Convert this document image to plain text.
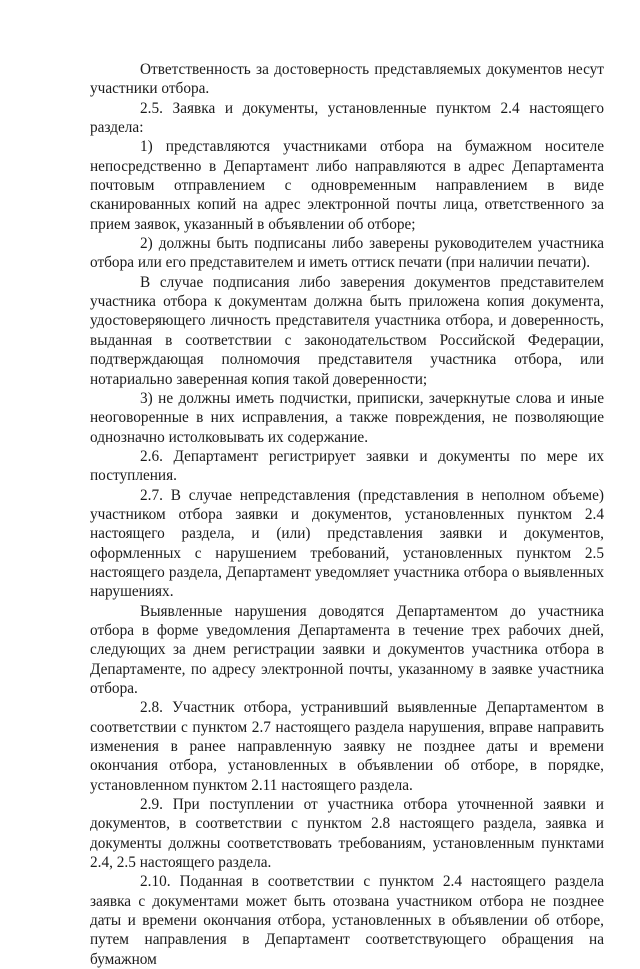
Ответственность за достоверность представляемых документов несут участники отбора.

2.5. Заявка и документы, установленные пунктом 2.4 настоящего раздела:

1) представляются участниками отбора на бумажном носителе непосредственно в Департамент либо направляются в адрес Департамента почтовым отправлением с одновременным направлением в виде сканированных копий на адрес электронной почты лица, ответственного за прием заявок, указанный в объявлении об отборе;

2) должны быть подписаны либо заверены руководителем участника отбора или его представителем и иметь оттиск печати (при наличии печати).

В случае подписания либо заверения документов представителем участника отбора к документам должна быть приложена копия документа, удостоверяющего личность представителя участника отбора, и доверенность, выданная в соответствии с законодательством Российской Федерации, подтверждающая полномочия представителя участника отбора, или нотариально заверенная копия такой доверенности;

3) не должны иметь подчистки, приписки, зачеркнутые слова и иные неоговоренные в них исправления, а также повреждения, не позволяющие однозначно истолковывать их содержание.

2.6. Департамент регистрирует заявки и документы по мере их поступления.

2.7. В случае непредставления (представления в неполном объеме) участником отбора заявки и документов, установленных пунктом 2.4 настоящего раздела, и (или) представления заявки и документов, оформленных с нарушением требований, установленных пунктом 2.5 настоящего раздела, Департамент уведомляет участника отбора о выявленных нарушениях.

Выявленные нарушения доводятся Департаментом до участника отбора в форме уведомления Департамента в течение трех рабочих дней, следующих за днем регистрации заявки и документов участника отбора в Департаменте, по адресу электронной почты, указанному в заявке участника отбора.

2.8. Участник отбора, устранивший выявленные Департаментом в соответствии с пунктом 2.7 настоящего раздела нарушения, вправе направить изменения в ранее направленную заявку не позднее даты и времени окончания отбора, установленных в объявлении об отборе, в порядке, установленном пунктом 2.11 настоящего раздела.

2.9. При поступлении от участника отбора уточненной заявки и документов, в соответствии с пунктом 2.8 настоящего раздела, заявка и документы должны соответствовать требованиям, установленным пунктами 2.4, 2.5 настоящего раздела.

2.10. Поданная в соответствии с пунктом 2.4 настоящего раздела заявка с документами может быть отозвана участником отбора не позднее даты и времени окончания отбора, установленных в объявлении об отборе, путем направления в Департамент соответствующего обращения на бумажном
